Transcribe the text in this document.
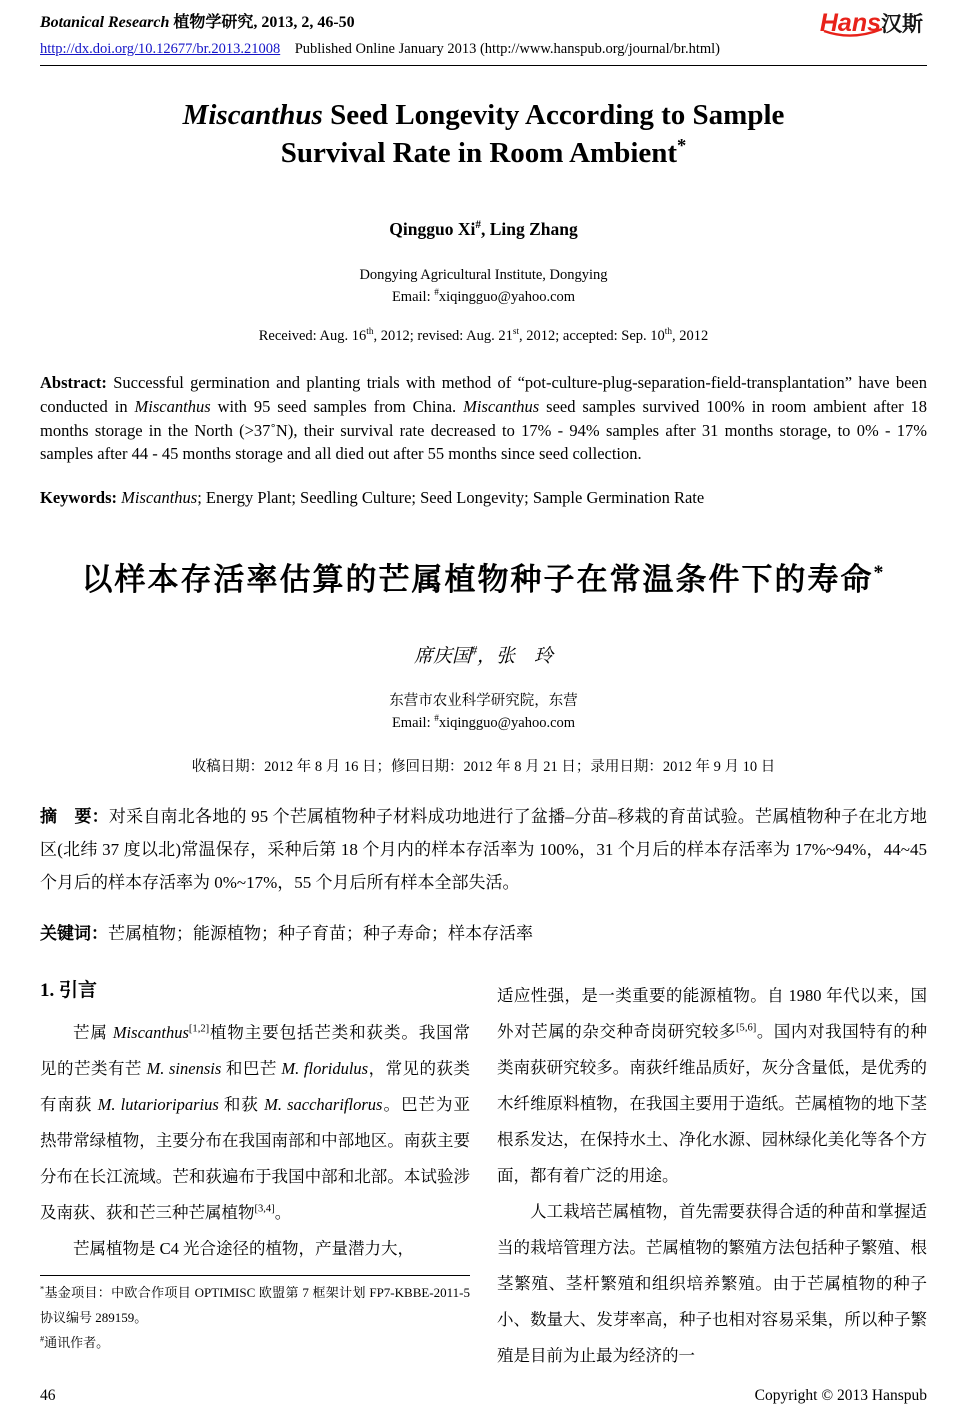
Botanical Research 植物学研究, 2013, 2, 46-50	Hans汉斯
http://dx.doi.org/10.12677/br.2013.21008    Published Online January 2013 (http://www.hanspub.org/journal/br.html)
Miscanthus Seed Longevity According to Sample Survival Rate in Room Ambient*
Qingguo Xi#, Ling Zhang
Dongying Agricultural Institute, Dongying
Email: #xiqingguo@yahoo.com
Received: Aug. 16th, 2012; revised: Aug. 21st, 2012; accepted: Sep. 10th, 2012

Abstract: Successful germination and planting trials with method of “pot-culture-plug-separation-field-transplantation” have been conducted in Miscanthus with 95 seed samples from China. Miscanthus seed samples survived 100% in room ambient after 18 months storage in the North (>37˚N), their survival rate decreased to 17% - 94% samples after 31 months storage, to 0% - 17% samples after 44 - 45 months storage and all died out after 55 months since seed collection.

Keywords: Miscanthus; Energy Plant; Seedling Culture; Seed Longevity; Sample Germination Rate

以样本存活率估算的芒属植物种子在常温条件下的寿命*
席庆国#，张　玲
东营市农业科学研究院，东营
Email: #xiqingguo@yahoo.com
收稿日期：2012 年 8 月 16 日；修回日期：2012 年 8 月 21 日；录用日期：2012 年 9 月 10 日

摘　要：对采自南北各地的 95 个芒属植物种子材料成功地进行了盆播–分苗–移栽的育苗试验。芒属植物种子在北方地区(北纬 37 度以北)常温保存，采种后第 18 个月内的样本存活率为 100%，31 个月后的样本存活率为 17%~94%，44~45 个月后的样本存活率为 0%~17%，55 个月后所有样本全部失活。

关键词：芒属植物；能源植物；种子育苗；种子寿命；样本存活率

1. 引言

芒属 Miscanthus[1,2]植物主要包括芒类和荻类。我国常见的芒类有芒 M. sinensis 和巴芒 M. floridulus，常见的荻类有南荻 M. lutarioriparius 和荻 M. sacchariflorus。巴芒为亚热带常绿植物，主要分布在我国南部和中部地区。南荻主要分布在长江流域。芒和荻遍布于我国中部和北部。本试验涉及南荻、荻和芒三种芒属植物[3,4]。

芒属植物是 C4 光合途径的植物，产量潜力大，

*基金项目：中欧合作项目 OPTIMISC 欧盟第 7 框架计划 FP7-KBBE-2011-5 协议编号 289159。

#通讯作者。

适应性强，是一类重要的能源植物。自 1980 年代以来，国外对芒属的杂交种奇岗研究较多[5,6]。国内对我国特有的种类南荻研究较多。南荻纤维品质好，灰分含量低，是优秀的木纤维原料植物，在我国主要用于造纸。芒属植物的地下茎根系发达，在保持水土、净化水源、园林绿化美化等各个方面，都有着广泛的用途。

人工栽培芒属植物，首先需要获得合适的种苗和掌握适当的栽培管理方法。芒属植物的繁殖方法包括种子繁殖、根茎繁殖、茎杆繁殖和组织培养繁殖。由于芒属植物的种子小、数量大、发芽率高，种子也相对容易采集，所以种子繁殖是目前为止最为经济的一

46	Copyright © 2013 Hanspub
